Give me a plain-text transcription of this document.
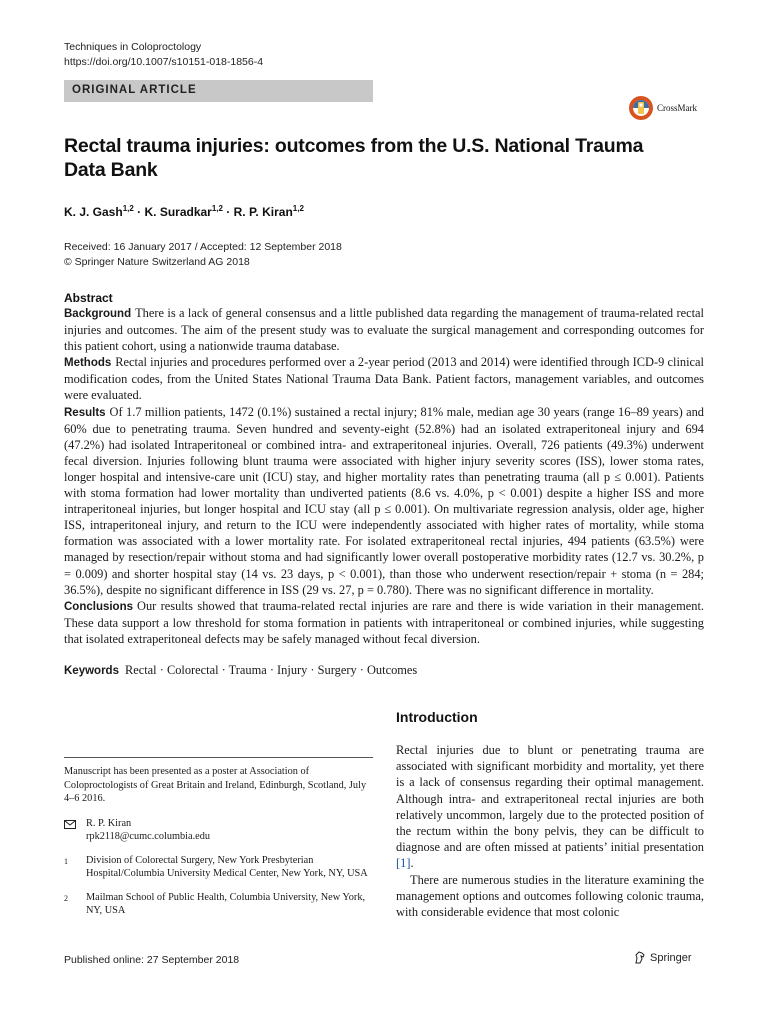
Techniques in Coloproctology
https://doi.org/10.1007/s10151-018-1856-4
ORIGINAL ARTICLE
CrossMark
Rectal trauma injuries: outcomes from the U.S. National Trauma Data Bank
K. J. Gash$^{1,2}$ · K. Suradkar$^{1,2}$ · R. P. Kiran$^{1,2}$
Received: 16 January 2017 / Accepted: 12 September 2018
© Springer Nature Switzerland AG 2018
Abstract

Background There is a lack of general consensus and a little published data regarding the management of trauma-related rectal injuries and outcomes. The aim of the present study was to evaluate the surgical management and corresponding outcomes for this patient cohort, using a nationwide trauma database.

Methods Rectal injuries and procedures performed over a 2-year period (2013 and 2014) were identified through ICD-9 clinical modification codes, from the United States National Trauma Data Bank. Patient factors, management variables, and outcomes were evaluated.

Results Of 1.7 million patients, 1472 (0.1%) sustained a rectal injury; 81% male, median age 30 years (range 16–89 years) and 60% due to penetrating trauma. Seven hundred and seventy-eight (52.8%) had an isolated extraperitoneal injury and 694 (47.2%) had isolated Intraperitoneal or combined intra- and extraperitoneal injuries. Overall, 726 patients (49.3%) underwent fecal diversion. Injuries following blunt trauma were associated with higher injury severity scores (ISS), lower stoma rates, longer hospital and intensive-care unit (ICU) stay, and higher mortality rates than penetrating trauma (all p ≤ 0.001). Patients with stoma formation had lower mortality than undiverted patients (8.6 vs. 4.0%, p < 0.001) despite a higher ISS and more intraperitoneal injuries, but longer hospital and ICU stay (all p ≤ 0.001). On multivariate regression analysis, older age, higher ISS, intraperitoneal injury, and return to the ICU were independently associated with higher rates of mortality, while stoma formation was associated with a lower mortality rate. For isolated extraperitoneal rectal injuries, 494 patients (63.5%) were managed by resection/repair without stoma and had significantly lower overall postoperative morbidity rates (12.7 vs. 30.2%, p = 0.009) and shorter hospital stay (14 vs. 23 days, p < 0.001), than those who underwent resection/repair + stoma (n = 284; 36.5%), despite no significant difference in ISS (29 vs. 27, p = 0.780). There was no significant difference in mortality.

Conclusions Our results showed that trauma-related rectal injuries are rare and there is wide variation in their management. These data support a low threshold for stoma formation in patients with intraperitoneal or combined injuries, while suggesting that isolated extraperitoneal defects may be safely managed without fecal diversion.

Keywords Rectal · Colorectal · Trauma · Injury · Surgery · Outcomes
Introduction

Rectal injuries due to blunt or penetrating trauma are associated with significant morbidity and mortality, yet there is a lack of consensus regarding their optimal management. Although intra- and extraperitoneal rectal injuries are both relatively uncommon, largely due to the protected position of the rectum within the bony pelvis, they can be difficult to diagnose and are often missed at patients’ initial presentation [1].

There are numerous studies in the literature examining the management options and outcomes following colonic trauma, with considerable evidence that most colonic

Manuscript has been presented as a poster at Association of Coloproctologists of Great Britain and Ireland, Edinburgh, Scotland, July 4–6 2016.

R. P. Kiran
rpk2118@cumc.columbia.edu
1	Division of Colorectal Surgery, New York Presbyterian Hospital/Columbia University Medical Center, New York, NY, USA
2	Mailman School of Public Health, Columbia University, New York, NY, USA
Published online: 27 September 2018	Springer
